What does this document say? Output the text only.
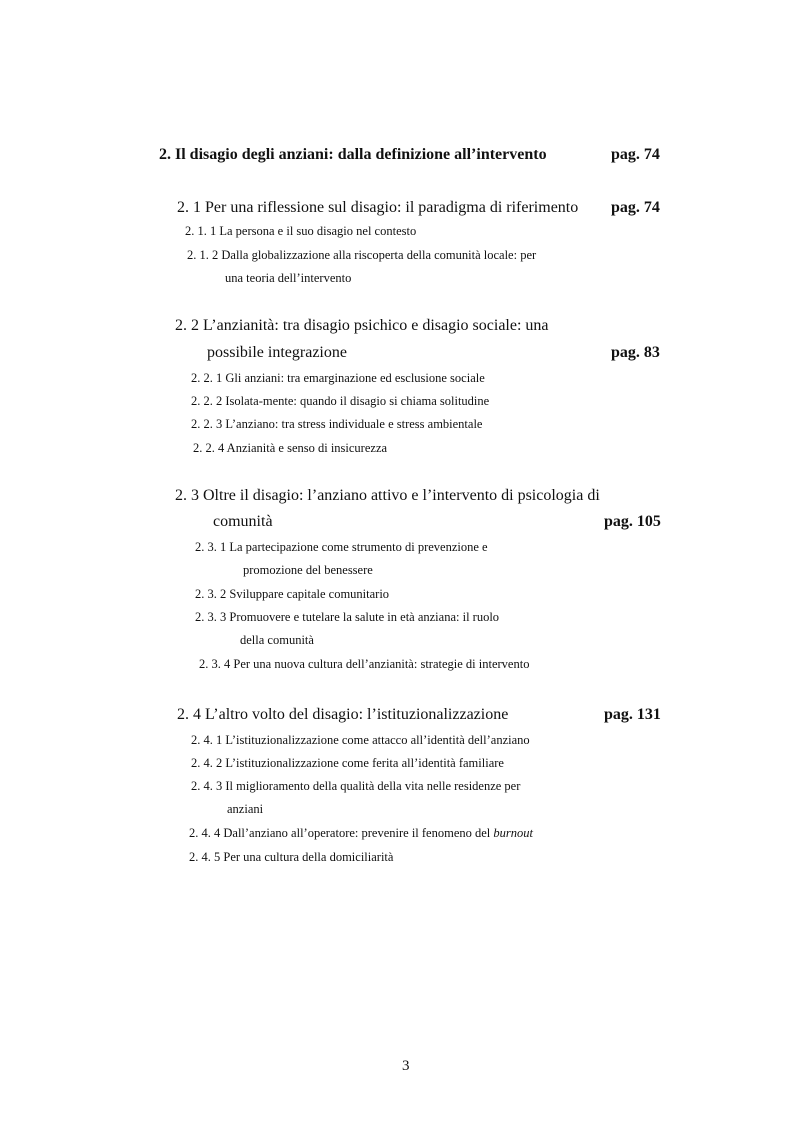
2. Il disagio degli anziani: dalla definizione all’intervento	pag. 74
2. 1 Per una riflessione sul disagio: il paradigma di riferimento pag. 74
2. 1. 1 La persona e il suo disagio nel contesto
2. 1. 2 Dalla globalizzazione alla riscoperta della comunità locale: per
una teoria dell’intervento
2. 2 L’anzianità: tra disagio psichico e disagio sociale: una
possibile integrazione	pag. 83
2. 2. 1 Gli anziani: tra emarginazione ed esclusione sociale
2. 2. 2 Isolata-mente: quando il disagio si chiama solitudine
2. 2. 3 L’anziano: tra stress individuale e stress ambientale
2. 2. 4 Anzianità e senso di insicurezza
2. 3 Oltre il disagio: l’anziano attivo e l’intervento di psicologia di
comunità	pag. 105
2. 3. 1 La partecipazione come strumento di prevenzione e
promozione del benessere
2. 3. 2 Sviluppare capitale comunitario
2. 3. 3 Promuovere e tutelare la salute in età anziana: il ruolo
della comunità
2. 3. 4 Per una nuova cultura dell’anzianità: strategie di intervento
2. 4 L’altro volto del disagio: l’istituzionalizzazione	pag. 131
2. 4. 1 L’istituzionalizzazione come attacco all’identità dell’anziano
2. 4. 2 L’istituzionalizzazione come ferita all’identità familiare
2. 4. 3 Il miglioramento della qualità della vita nelle residenze per
anziani
2. 4. 4 Dall’anziano all’operatore: prevenire il fenomeno del burnout
2. 4. 5 Per una cultura della domiciliarità
3
